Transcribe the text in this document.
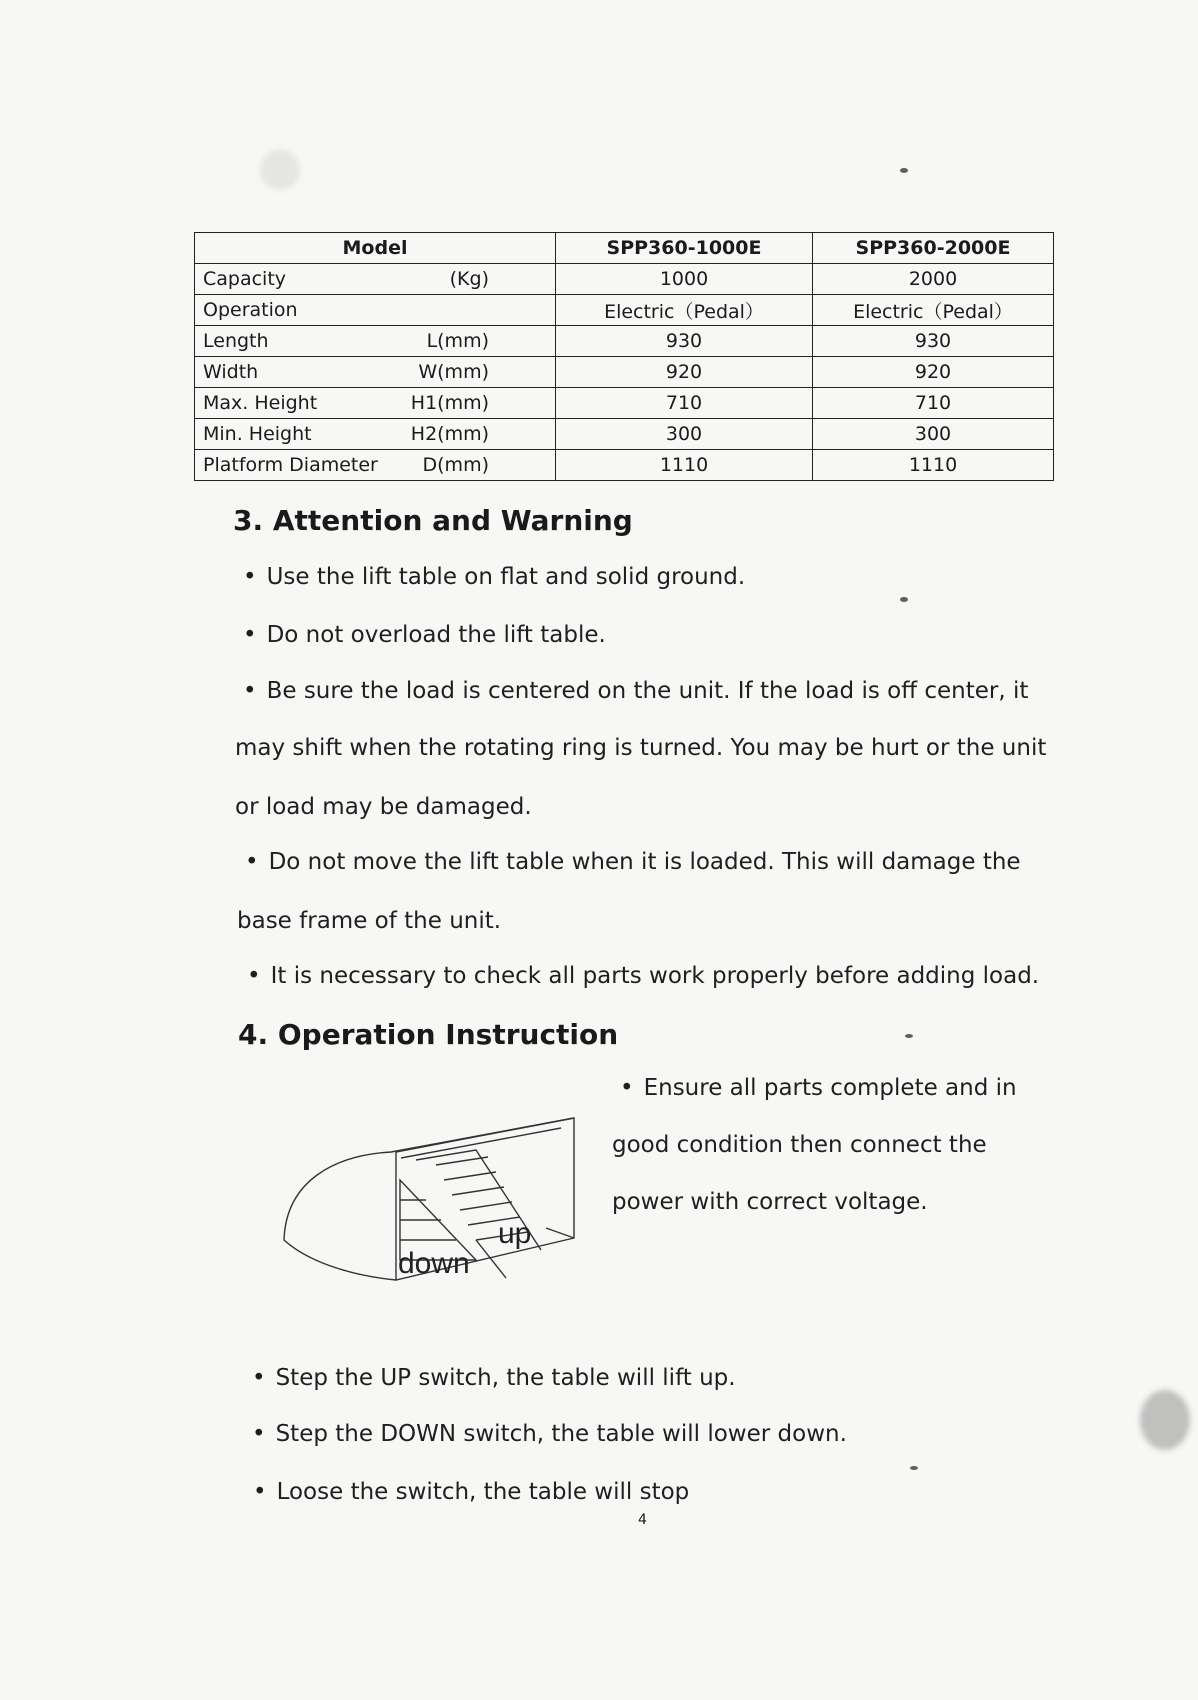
Model	SPP360-1000E	SPP360-2000E

Capacity (Kg)	1000	2000

Operation	Electric（Pedal）	Electric（Pedal）

Length L(mm)	930	930

Width W(mm)	920	920

Max. Height H1(mm)	710	710

Min. Height H2(mm)	300	300

Platform Diameter D(mm)	1110	1110
3. Attention and Warning

• Use the lift table on flat and solid ground.

• Do not overload the lift table.

• Be sure the load is centered on the unit. If the load is off center, it

may shift when the rotating ring is turned. You may be hurt or the unit

or load may be damaged.

• Do not move the lift table when it is loaded. This will damage the

base frame of the unit.

• It is necessary to check all parts work properly before adding load.

4. Operation Instruction

• Ensure all parts complete and in

good condition then connect the

power with correct voltage.

down
up

• Step the UP switch, the table will lift up.

• Step the DOWN switch, the table will lower down.

• Loose the switch, the table will stop

4
